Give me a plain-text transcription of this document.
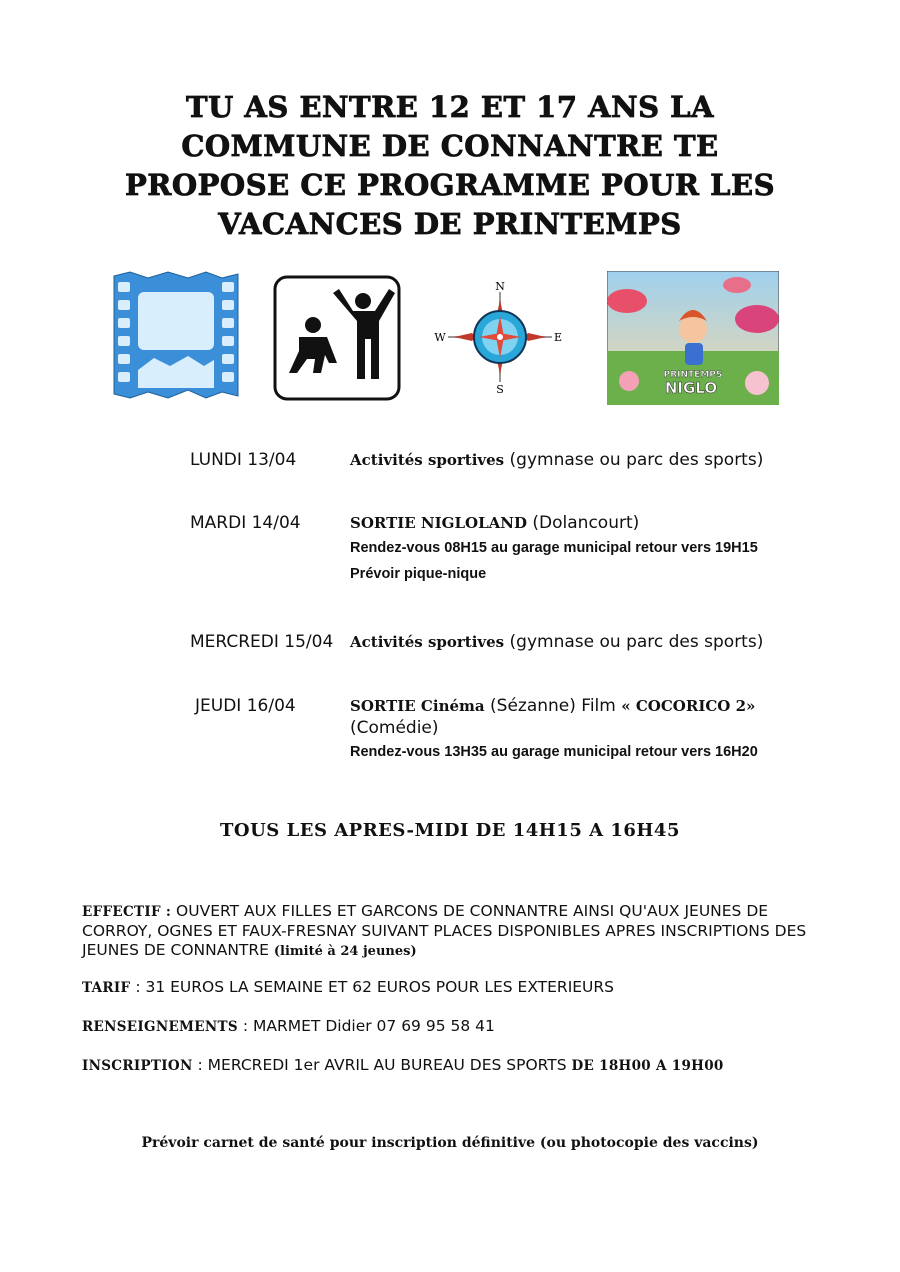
TU AS ENTRE 12 ET 17 ANS LA
COMMUNE DE CONNANTRE TE
PROPOSE CE PROGRAMME POUR LES
VACANCES DE PRINTEMPS
N
S
E
W
PRINTEMPS
NIGLO
LUNDI 13/04	Activités sportives (gymnase ou parc des sports)
MARDI 14/04	SORTIE NIGLOLAND (Dolancourt)
Rendez-vous 08H15 au garage municipal retour vers 19H15
Prévoir pique-nique
MERCREDI 15/04 Activités sportives (gymnase ou parc des sports)
JEUDI 16/04	SORTIE Cinéma (Sézanne) Film « COCORICO 2» (Comédie)
Rendez-vous 13H35 au garage municipal retour vers 16H20
TOUS LES APRES-MIDI DE 14H15 A 16H45
EFFECTIF : OUVERT AUX FILLES ET GARCONS DE CONNANTRE AINSI QU'AUX JEUNES DE CORROY, OGNES ET FAUX-FRESNAY SUIVANT PLACES DISPONIBLES APRES INSCRIPTIONS DES JEUNES DE CONNANTRE (limité à 24 jeunes)
TARIF : 31 EUROS LA SEMAINE ET 62 EUROS POUR LES EXTERIEURS
RENSEIGNEMENTS : MARMET Didier 07 69 95 58 41
INSCRIPTION : MERCREDI 1er AVRIL AU BUREAU DES SPORTS DE 18H00 A 19H00
Prévoir carnet de santé pour inscription définitive (ou photocopie des vaccins)
